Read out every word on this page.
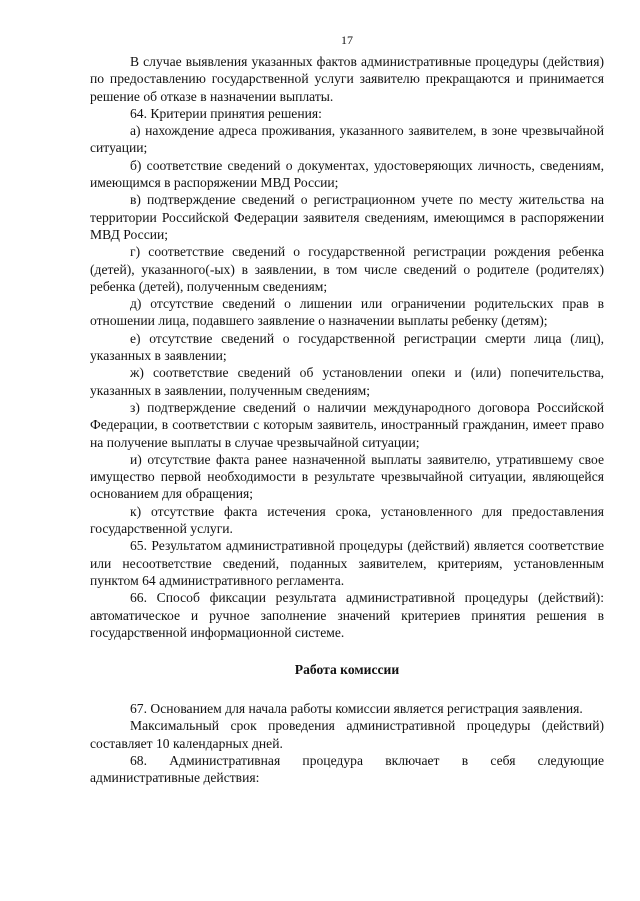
17

В случае выявления указанных фактов административные процедуры (действия) по предоставлению государственной услуги заявителю прекращаются и принимается решение об отказе в назначении выплаты.

64. Критерии принятия решения:

а) нахождение адреса проживания, указанного заявителем, в зоне чрезвычайной ситуации;

б) соответствие сведений о документах, удостоверяющих личность, сведениям, имеющимся в распоряжении МВД России;

в) подтверждение сведений о регистрационном учете по месту жительства на территории Российской Федерации заявителя сведениям, имеющимся в распоряжении МВД России;

г) соответствие сведений о государственной регистрации рождения ребенка (детей), указанного(-ых) в заявлении, в том числе сведений о родителе (родителях) ребенка (детей), полученным сведениям;

д) отсутствие сведений о лишении или ограничении родительских прав в отношении лица, подавшего заявление о назначении выплаты ребенку (детям);

е) отсутствие сведений о государственной регистрации смерти лица (лиц), указанных в заявлении;

ж) соответствие сведений об установлении опеки и (или) попечительства, указанных в заявлении, полученным сведениям;

з) подтверждение сведений о наличии международного договора Российской Федерации, в соответствии с которым заявитель, иностранный гражданин, имеет право на получение выплаты в случае чрезвычайной ситуации;

и) отсутствие факта ранее назначенной выплаты заявителю, утратившему свое имущество первой необходимости в результате чрезвычайной ситуации, являющейся основанием для обращения;

к) отсутствие факта истечения срока, установленного для предоставления государственной услуги.

65. Результатом административной процедуры (действий) является соответствие или несоответствие сведений, поданных заявителем, критериям, установленным пунктом 64 административного регламента.

66. Способ фиксации результата административной процедуры (действий): автоматическое и ручное заполнение значений критериев принятия решения в государственной информационной системе.

Работа комиссии

67. Основанием для начала работы комиссии является регистрация заявления.

Максимальный срок проведения административной процедуры (действий) составляет 10 календарных дней.

68. Административная процедура включает в себя следующие административные действия:
